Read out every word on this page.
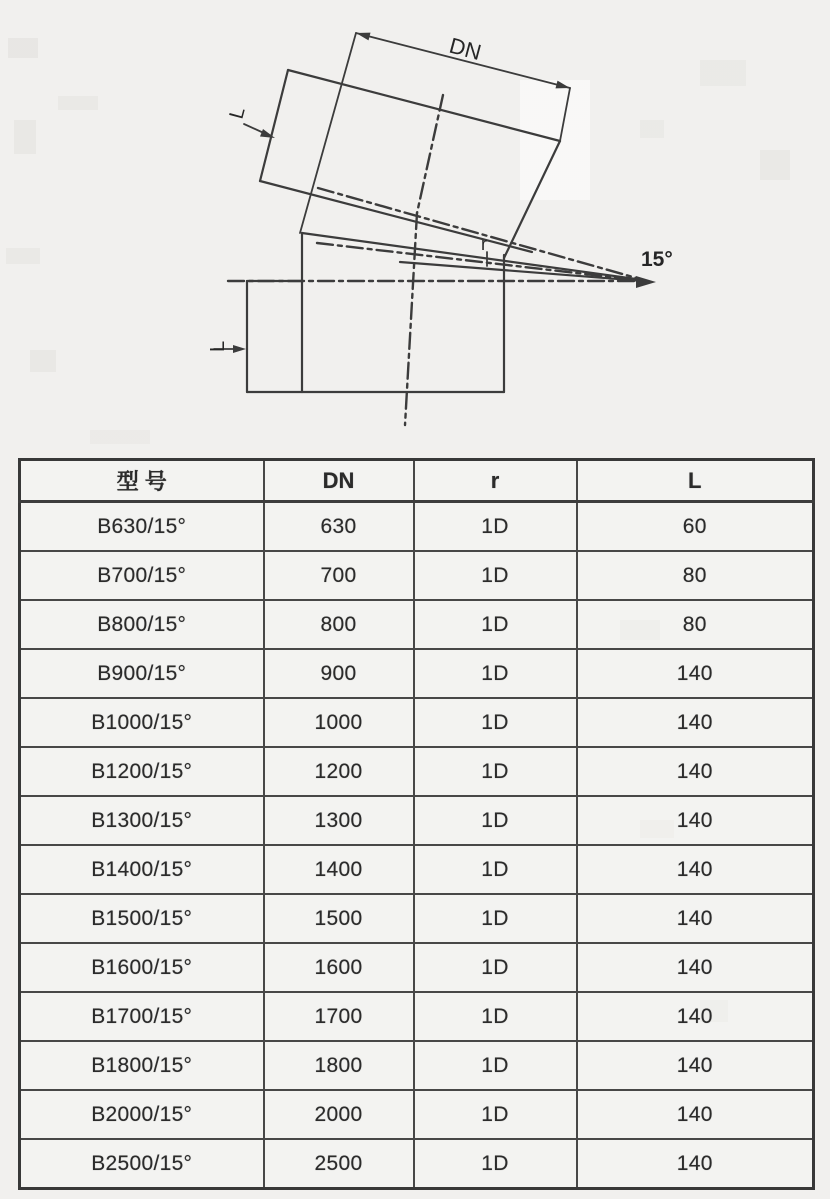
DN
L
r
L
15°
型 号	DN	r	L
B630/15°	630	1D	60
B700/15°	700	1D	80
B800/15°	800	1D	80
B900/15°	900	1D	140
B1000/15°	1000	1D	140
B1200/15°	1200	1D	140
B1300/15°	1300	1D	140
B1400/15°	1400	1D	140
B1500/15°	1500	1D	140
B1600/15°	1600	1D	140
B1700/15°	1700	1D	140
B1800/15°	1800	1D	140
B2000/15°	2000	1D	140
B2500/15°	2500	1D	140
